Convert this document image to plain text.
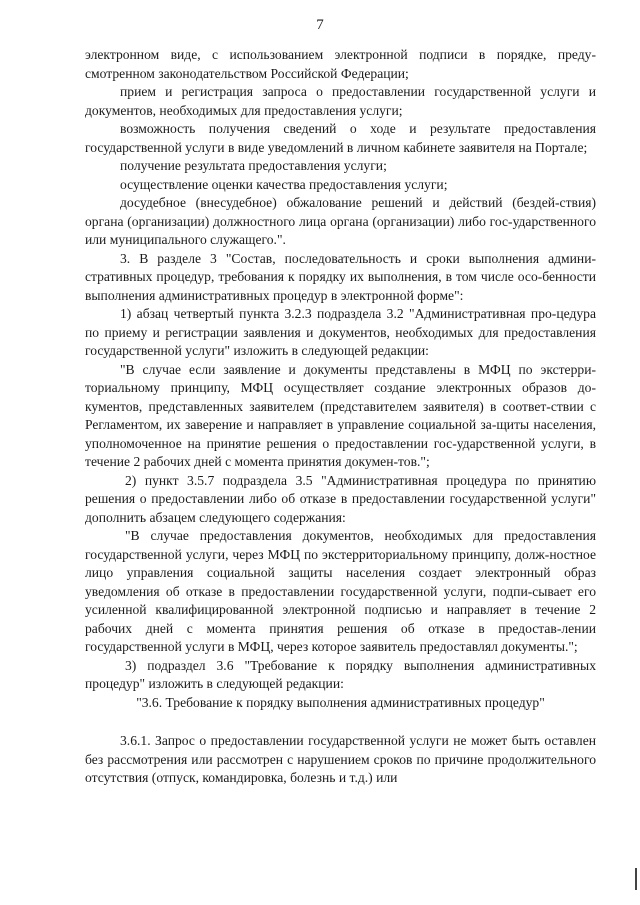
7

электронном виде, с использованием электронной подписи в порядке, преду-смотренном законодательством Российской Федерации;

прием и регистрация запроса о предоставлении государственной услуги и документов, необходимых для предоставления услуги;

возможность получения сведений о ходе и результате предоставления государственной услуги в виде уведомлений в личном кабинете заявителя на Портале;

получение результата предоставления услуги;

осуществление оценки качества предоставления услуги;

досудебное (внесудебное) обжалование решений и действий (бездей-ствия) органа (организации) должностного лица органа (организации) либо гос-ударственного или муниципального служащего.".

3. В разделе 3 "Состав, последовательность и сроки выполнения админи-стративных процедур, требования к порядку их выполнения, в том числе осо-бенности выполнения административных процедур в электронной форме":

1) абзац четвертый пункта 3.2.3 подраздела 3.2 "Административная про-цедура по приему и регистрации заявления и документов, необходимых для предоставления государственной услуги" изложить в следующей редакции:

"В случае если заявление и документы представлены в МФЦ по экстерри-ториальному принципу, МФЦ осуществляет создание электронных образов до-кументов, представленных заявителем (представителем заявителя) в соответ-ствии с Регламентом, их заверение и направляет в управление социальной за-щиты населения, уполномоченное на принятие решения о предоставлении гос-ударственной услуги, в течение 2 рабочих дней с момента принятия докумен-тов.";

2) пункт 3.5.7 подраздела 3.5 "Административная процедура по принятию решения о предоставлении либо об отказе в предоставлении государственной услуги" дополнить абзацем следующего содержания:

"В случае предоставления документов, необходимых для предоставления государственной услуги, через МФЦ по экстерриториальному принципу, долж-ностное лицо управления социальной защиты населения создает электронный образ уведомления об отказе в предоставлении государственной услуги, подпи-сывает его усиленной квалифицированной электронной подписью и направляет в течение 2 рабочих дней с момента принятия решения об отказе в предостав-лении государственной услуги в МФЦ, через которое заявитель предоставлял документы.";

3) подраздел 3.6 "Требование к порядку выполнения административных процедур" изложить в следующей редакции:

"3.6. Требование к порядку выполнения административных процедур"

3.6.1. Запрос о предоставлении государственной услуги не может быть оставлен без рассмотрения или рассмотрен с нарушением сроков по причине продолжительного отсутствия (отпуск, командировка, болезнь и т.д.) или
